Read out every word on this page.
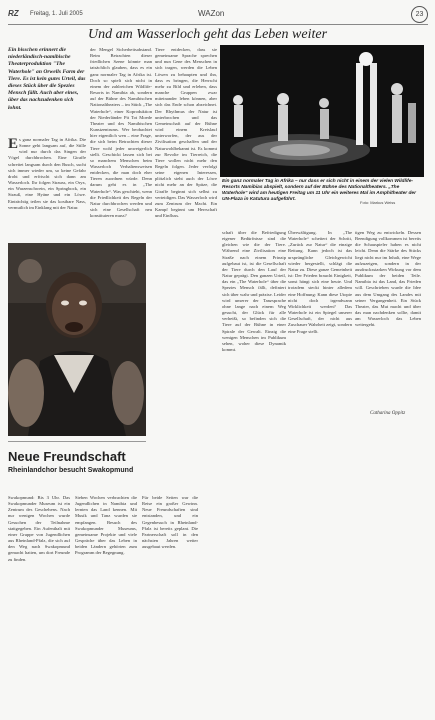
RZ Freitag, 1. Juli 2005	WAZon	23
Und am Wasserloch geht das Leben weiter
Ein bisschen erinnert die niederländisch-namibische Theaterproduktion "The Waterhole" an Orwells Farm der Tiere. Es ist kein gutes Urteil, das dieses Stück über die Spezies Mensch fällt. Auch aber eines, über das nachzudenken sich lohnt.
E s ganz normaler Tag in Afrika. Die Sonne geht langsam auf, die Stille wird nur durch das Singen der Vögel durchbrochen. Eine Giraffe schreitet langsam durch den Busch, sucht sich immer wieder um, so keine Gefahr droht und erfrischt sich dann am Wasserloch. Ihr folgen Strauss, ein Oryx, ein Warzenschwein, ein Springbock, ein Strauß, eine Hyäne und ein Löwe. Einträchtig teilen sie das kostbare Nass, vermutlich im Einklang mit der Natur.
der Mengel Sicherheitsabstand. Beim Betrachten dieser friedlichen Szene könnte man tatsächlich glauben, dass es ein ganz normaler Tag in Afrika ist. Doch so spielt sich nicht in einem der zahlreichen Wildlife-Resorts in Namibia ab, sondern auf der Bühne des Namibischen Nationaltheaters – im Stück „The Waterhole“, einer Koproduktion der Niederländer Pit Tot Moede Theater und des Namibischen Kunstzentrums. Wer beobachtet hier eigentlich wen – eine Frage, die sich beim Betrachten dieser Tiere wohl jeder unweigerlich stellt. Geschickt lassen sich bei so manchem Menschen beim Wasserloch Verhaltensweisen entdecken, die man doch eher Tieren zuordnen würde. Denn darum geht es in „The Waterhole“. Was geschieht, wenn die Friedlichkeit des Regeln der Natur durchbrochen werden und sich eine Gesellschaft neu konstituieren muss?
Tiere entdecken, dass sie gemeinsame Sprache sprechen und nun Gene des Menschen in sich tragen, werden die Leben Löwen zu behaupten und ihn, dass es bringen, die Herrscht mehr zu Bild und erleben, dass manche Gruppen zwar miteinander leben können, aber sich das Ende schon abzeichnet. Der Rhythmus der Natur ist unterbrochen und das Gemeinschaft auf der Bühne wird einem Kreislauf unterworfen, der aus der Zivilisation geschaffen und der Naturwohlbekannt ist. Es kommt zur Revolte im Tierreich, die Tiere wollen nicht mehr den Regeln folgen. Jeder verfolgt seine eigenen Interessen, plötzlich steht auch der Löwe nicht mehr an der Spitze, die Giraffe beginnt sich selbst zu verteidigen. Das Wasserloch wird zum Zentrum der Macht. Ein Kampf beginnt um Herrschaft und Einfluss.
Ein ganz normaler Tag in Afrika – nur dass er sich nicht in einem der vielen Wildlife-Resorts Namibias abspielt, sondern auf der Bühne des Nationaltheaters. „The Waterhole“ wird am heutigen Freitag um 11 Uhr ein weiteres Mal im Amphitheater der UN-Plaza in Katutura aufgeführt.
Foto: Markus Weiss
schaft über die Befriedigung eigener Bedürfnisse sind die gleichen wie die der Tiere. Während eine Zivilisation eine Straße nach einem Prinzip aufgebaut ist, ist die Gesellschaft der Tiere durch den Lauf der Natur geprägt. Den ganzen Urteil, das ein „The Waterhole“ über die Spezies Mensch fällt, definiert sich über wahr und präzise. Leider wird unserer der Tanzsprache ohne lange nach einem Weg gesucht, der Glück für alle verheißt, so befinden sich die Tiere auf der Bühne in einer Spirale der Gewalt. Einzig die wenigen Menschen im Publikum sehen, woher diese Dynamik kommt.
Überwältigung. In „The Waterhole“ scheitert der Schritt, „Zurück zur Natur“ die einzige Rettung. Kann jedoch ist das ursprüngliche Gleichgewicht wieder hergestellt, schlägt die Natur zu. Diese ganze Gemeinheit ist: Der Frieden braucht Einigkeit, sonst hängt sich eine heute. Und trotzdem steckt hinter alledem eine Hoffnung: Kann diese Utopie nicht doch irgendwann Wirklichkeit werden? Das Waterhole ist ein Spiegel unserer Gesellschaft, der nicht aus Zuschauer Wahrheit zeigt, sondern eine Frage stellt.
tigen Weg zu entwickeln. Dessen Beendigung vollkommen ist bereits die Schauspieler haben es nicht leicht. Denn die Stärke des Stücks liegt nicht nur im Inhalt, eine Wege aufzuzeigen, sondern in der ausdrucksstarken Wirkung vor dem Publikum der beiden Teile. Namibia ist das Land, das Frieden will. Geschrieben wurde die Idee aus dem Umgang des Landes mit seiner Vergangenheit. Ein Stück Theater, das Mut macht und über das man nachdenken sollte, damit am Wasserloch das Leben weitergeht.
Catharina Oppitz
Neue Freundschaft
Rheinlandchor besucht Swakopmund
Swakopmund: Bis 3 Uhr. Das Swakopmunder Museum ist ein Zentrum des Geschehens. Nach nur wenigen Wochen wurde Gesuchen der Teilnahme stattgegeben. Ein Aufenthalt mit einer Gruppe von Jugendlichen aus Rheinland-Pfalz, die sich auf den Weg nach Swakopmund gemacht hatten, um dort Freunde zu finden.
Sieben Wochen verbrachten die Jugendlichen in Namibia und lernten das Land kennen. Mit Musik und Tanz wurden sie empfangen. Besuch des Swakopmunder Museums, gemeinsame Projekte und viele Gespräche über das Leben in beiden Ländern gehörten zum Programm der Begegnung.
Für beide Seiten war die Reise ein großer Gewinn. Neue Freundschaften sind entstanden, und ein Gegenbesuch in Rheinland-Pfalz ist bereits geplant. Die Partnerschaft soll in den nächsten Jahren weiter ausgebaut werden.
